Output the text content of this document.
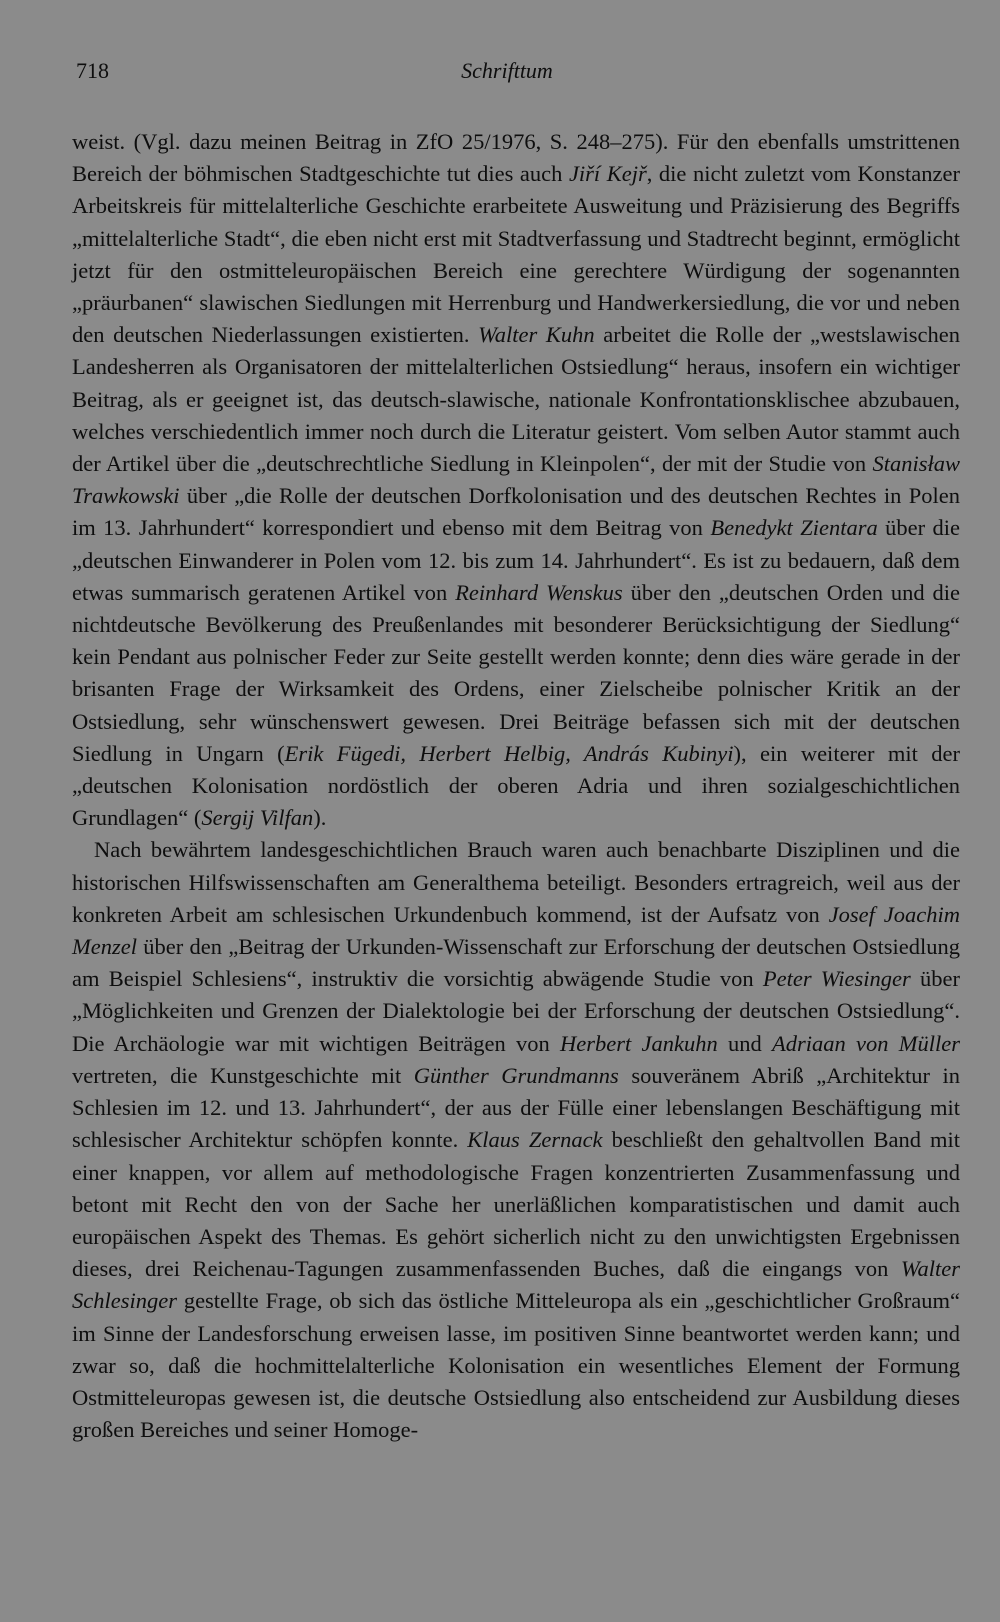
718	Schrifttum

weist. (Vgl. dazu meinen Beitrag in ZfO 25/1976, S. 248–275). Für den ebenfalls umstrittenen Bereich der böhmischen Stadtgeschichte tut dies auch Jiří Kejř, die nicht zuletzt vom Konstanzer Arbeitskreis für mittelalterliche Geschichte erarbeitete Ausweitung und Präzisierung des Begriffs „mittelalterliche Stadt“, die eben nicht erst mit Stadtverfassung und Stadtrecht beginnt, ermöglicht jetzt für den ostmitteleuropäischen Bereich eine gerechtere Würdigung der sogenannten „präurbanen“ slawischen Siedlungen mit Herrenburg und Handwerkersiedlung, die vor und neben den deutschen Niederlassungen existierten. Walter Kuhn arbeitet die Rolle der „westslawischen Landesherren als Organisatoren der mittelalterlichen Ostsiedlung“ heraus, insofern ein wichtiger Beitrag, als er geeignet ist, das deutsch-slawische, nationale Konfrontationsklischee abzubauen, welches verschiedentlich immer noch durch die Literatur geistert. Vom selben Autor stammt auch der Artikel über die „deutschrechtliche Siedlung in Kleinpolen“, der mit der Studie von Stanisław Trawkowski über „die Rolle der deutschen Dorfkolonisation und des deutschen Rechtes in Polen im 13. Jahrhundert“ korrespondiert und ebenso mit dem Beitrag von Benedykt Zientara über die „deutschen Einwanderer in Polen vom 12. bis zum 14. Jahrhundert“. Es ist zu bedauern, daß dem etwas summarisch geratenen Artikel von Reinhard Wenskus über den „deutschen Orden und die nichtdeutsche Bevölkerung des Preußenlandes mit besonderer Berücksichtigung der Siedlung“ kein Pendant aus polnischer Feder zur Seite gestellt werden konnte; denn dies wäre gerade in der brisanten Frage der Wirksamkeit des Ordens, einer Zielscheibe polnischer Kritik an der Ostsiedlung, sehr wünschenswert gewesen. Drei Beiträge befassen sich mit der deutschen Siedlung in Ungarn (Erik Fügedi, Herbert Helbig, András Kubinyi), ein weiterer mit der „deutschen Kolonisation nordöstlich der oberen Adria und ihren sozialgeschichtlichen Grundlagen“ (Sergij Vilfan).

Nach bewährtem landesgeschichtlichen Brauch waren auch benachbarte Disziplinen und die historischen Hilfswissenschaften am Generalthema beteiligt. Besonders ertragreich, weil aus der konkreten Arbeit am schlesischen Urkundenbuch kommend, ist der Aufsatz von Josef Joachim Menzel über den „Beitrag der Urkunden-Wissenschaft zur Erforschung der deutschen Ostsiedlung am Beispiel Schlesiens“, instruktiv die vorsichtig abwägende Studie von Peter Wiesinger über „Möglichkeiten und Grenzen der Dialektologie bei der Erforschung der deutschen Ostsiedlung“. Die Archäologie war mit wichtigen Beiträgen von Herbert Jankuhn und Adriaan von Müller vertreten, die Kunstgeschichte mit Günther Grundmanns souveränem Abriß „Architektur in Schlesien im 12. und 13. Jahrhundert“, der aus der Fülle einer lebenslangen Beschäftigung mit schlesischer Architektur schöpfen konnte. Klaus Zernack beschließt den gehaltvollen Band mit einer knappen, vor allem auf methodologische Fragen konzentrierten Zusammenfassung und betont mit Recht den von der Sache her unerläßlichen komparatistischen und damit auch europäischen Aspekt des Themas. Es gehört sicherlich nicht zu den unwichtigsten Ergebnissen dieses, drei Reichenau-Tagungen zusammenfassenden Buches, daß die eingangs von Walter Schlesinger gestellte Frage, ob sich das östliche Mitteleuropa als ein „geschichtlicher Großraum“ im Sinne der Landesforschung erweisen lasse, im positiven Sinne beantwortet werden kann; und zwar so, daß die hochmittelalterliche Kolonisation ein wesentliches Element der Formung Ostmitteleuropas gewesen ist, die deutsche Ostsiedlung also entscheidend zur Ausbildung dieses großen Bereiches und seiner Homoge-
